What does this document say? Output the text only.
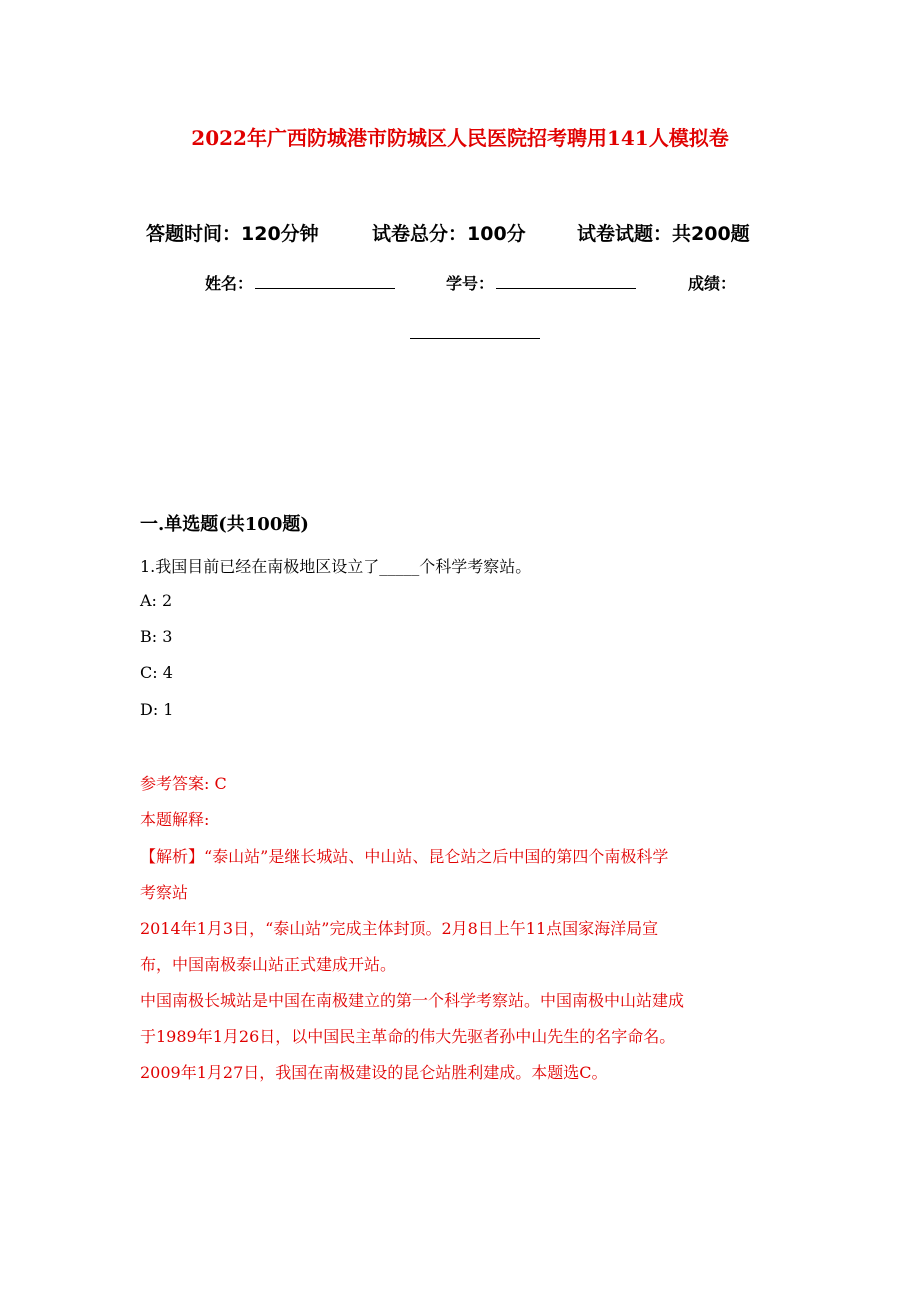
2022年广西防城港市防城区人民医院招考聘用141人模拟卷
答题时间：120分钟	试卷总分：100分	试卷试题：共200题
姓名：	学号：	成绩：
一.单选题(共100题)
1.我国目前已经在南极地区设立了_____个科学考察站。
A: 2
B: 3
C: 4
D: 1
参考答案: C
本题解释:
【解析】“泰山站”是继长城站、中山站、昆仑站之后中国的第四个南极科学
考察站
2014年1月3日，“泰山站”完成主体封顶。2月8日上午11点国家海洋局宣
布，中国南极泰山站正式建成开站。
中国南极长城站是中国在南极建立的第一个科学考察站。中国南极中山站建成
于1989年1月26日，以中国民主革命的伟大先驱者孙中山先生的名字命名。
2009年1月27日，我国在南极建设的昆仑站胜利建成。本题选C。
